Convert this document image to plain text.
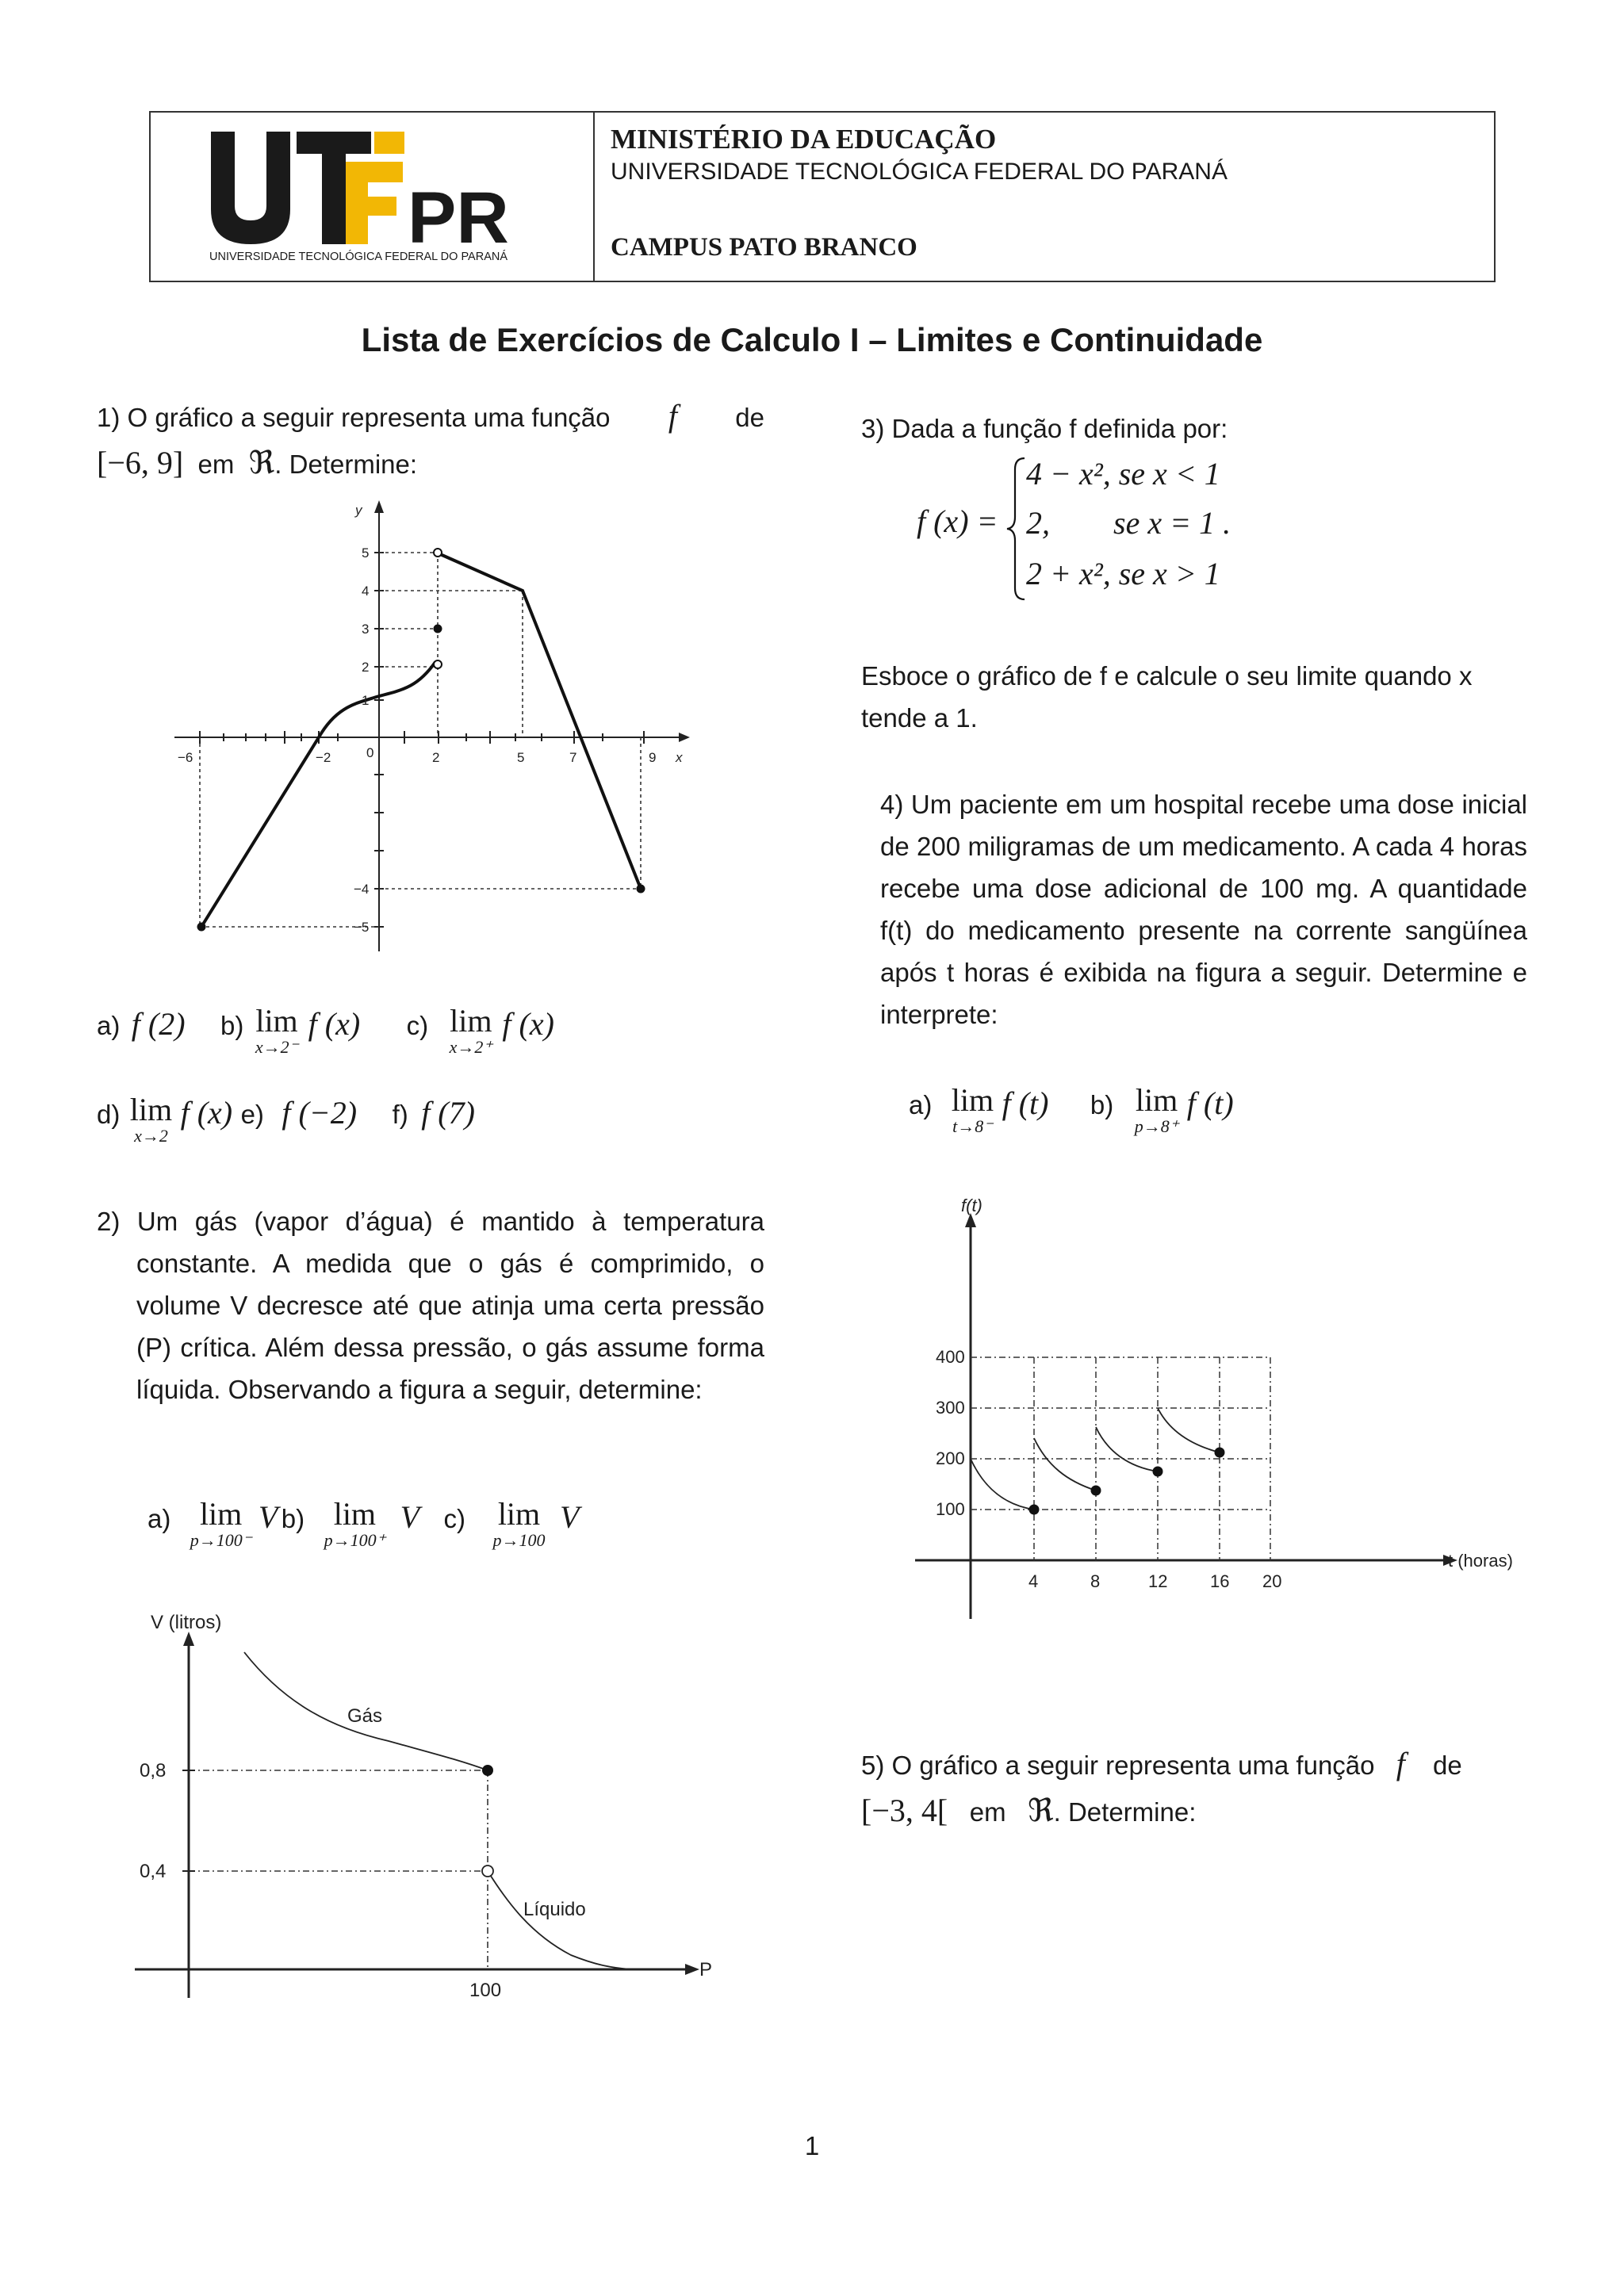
PR
UNIVERSIDADE TECNOLÓGICA FEDERAL DO PARANÁ
MINISTÉRIO DA EDUCAÇÃO
UNIVERSIDADE TECNOLÓGICA FEDERAL DO PARANÁ
CAMPUS PATO BRANCO
Lista de Exercícios de Calculo I – Limites e Continuidade
1) O gráfico a seguir representa uma função f de
[−6, 9] em ℜ. Determine:
−6	−2	0	2	5	7	9 x
y
5
4
3
2
1
−4
−5
a) f (2) b) lim
x→2⁻
f (x) c) lim
x→2⁺
f (x)
d) lim
x→2
f (x) e) f (−2) f) f (7)
2) Um gás (vapor d’água) é mantido à temperatura constante. A medida que o gás é comprimido, o volume V decresce até que atinja uma certa pressão (P) crítica. Além dessa pressão, o gás assume forma líquida. Observando a figura a seguir, determine:
a) lim
p→100⁻
V b) lim
p→100⁺
V c) lim
p→100
V
V (litros)
0,8
0,4
100
P
Gás
Líquido
3) Dada a função f definida por:
f (x) =
4 − x², se x < 1
2,        se x = 1 .
2 + x², se x > 1
Esboce o gráfico de f e calcule o seu limite quando x tende a 1.
4) Um paciente em um hospital recebe uma dose inicial de 200 miligramas de um medicamento. A cada 4 horas recebe uma dose adicional de 100 mg. A quantidade f(t) do medicamento presente na corrente sangüínea após t horas é exibida na figura a seguir. Determine e interprete:
a) lim
t→8⁻
f (t) b) lim
p→8⁺
f (t)
f(t)
400
300
200
100
4	8	12 16 20
t (horas)
5) O gráfico a seguir representa uma função f de
[−3, 4[ em ℜ. Determine:
1
